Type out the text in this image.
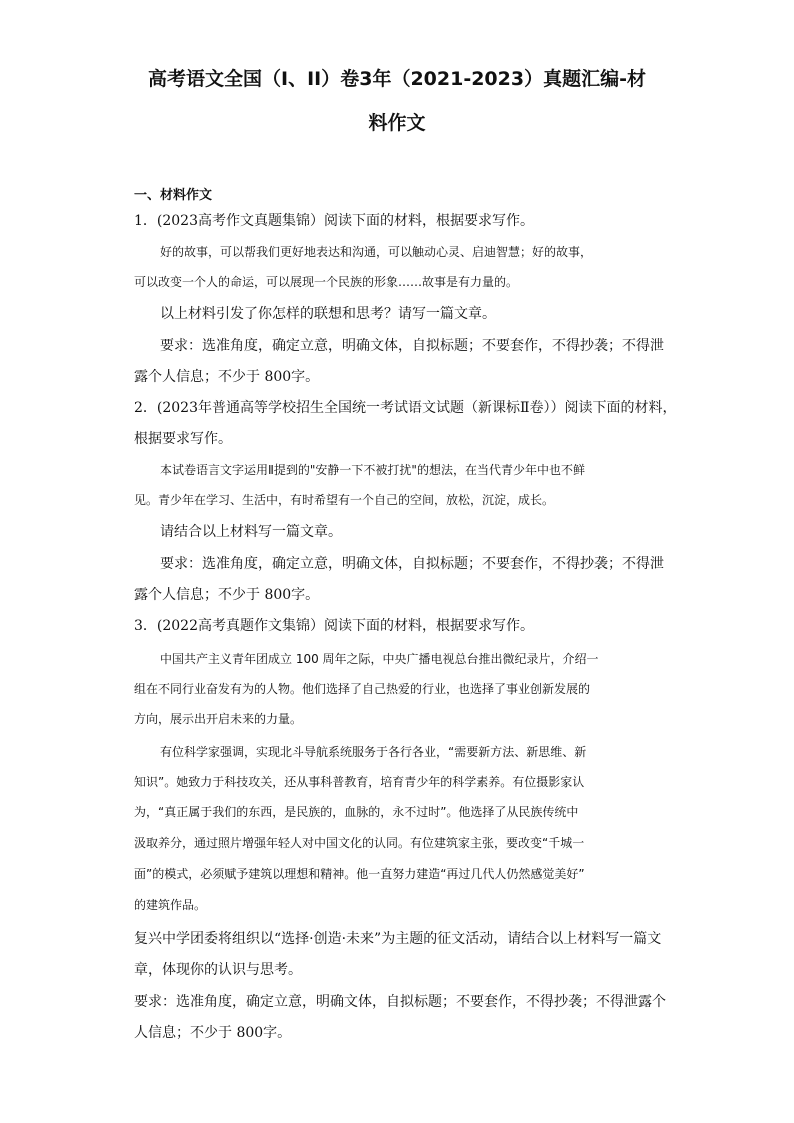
高考语文全国（I、II）卷3年（2021-2023）真题汇编-材
料作文
一、材料作文
1．(2023高考作文真题集锦）阅读下面的材料，根据要求写作。
好的故事，可以帮我们更好地表达和沟通，可以触动心灵、启迪智慧；好的故事，
可以改变一个人的命运，可以展现一个民族的形象……故事是有力量的。
以上材料引发了你怎样的联想和思考？请写一篇文章。
要求：选准角度，确定立意，明确文体，自拟标题；不要套作，不得抄袭；不得泄
露个人信息；不少于 800字。
2．(2023年普通高等学校招生全国统一考试语文试题（新课标Ⅱ卷））阅读下面的材料，
根据要求写作。
本试卷语言文字运用Ⅱ提到的"安静一下不被打扰"的想法，在当代青少年中也不鲜
见。青少年在学习、生活中，有时希望有一个自己的空间，放松，沉淀，成长。
请结合以上材料写一篇文章。
要求：选准角度，确定立意，明确文体，自拟标题；不要套作，不得抄袭；不得泄
露个人信息；不少于 800字。
3．(2022高考真题作文集锦）阅读下面的材料，根据要求写作。
中国共产主义青年团成立 100 周年之际，中央广播电视总台推出微纪录片，介绍一
组在不同行业奋发有为的人物。他们选择了自己热爱的行业，也选择了事业创新发展的
方向，展示出开启未来的力量。
有位科学家强调，实现北斗导航系统服务于各行各业，“需要新方法、新思维、新
知识”。她致力于科技攻关，还从事科普教育，培育青少年的科学素养。有位摄影家认
为，“真正属于我们的东西，是民族的，血脉的，永不过时”。他选择了从民族传统中
汲取养分，通过照片增强年轻人对中国文化的认同。有位建筑家主张，要改变“千城一
面”的模式，必须赋予建筑以理想和精神。他一直努力建造“再过几代人仍然感觉美好”
的建筑作品。
复兴中学团委将组织以“选择·创造·未来”为主题的征文活动，请结合以上材料写一篇文
章，体现你的认识与思考。
要求：选准角度，确定立意，明确文体，自拟标题；不要套作，不得抄袭；不得泄露个
人信息；不少于 800字。
